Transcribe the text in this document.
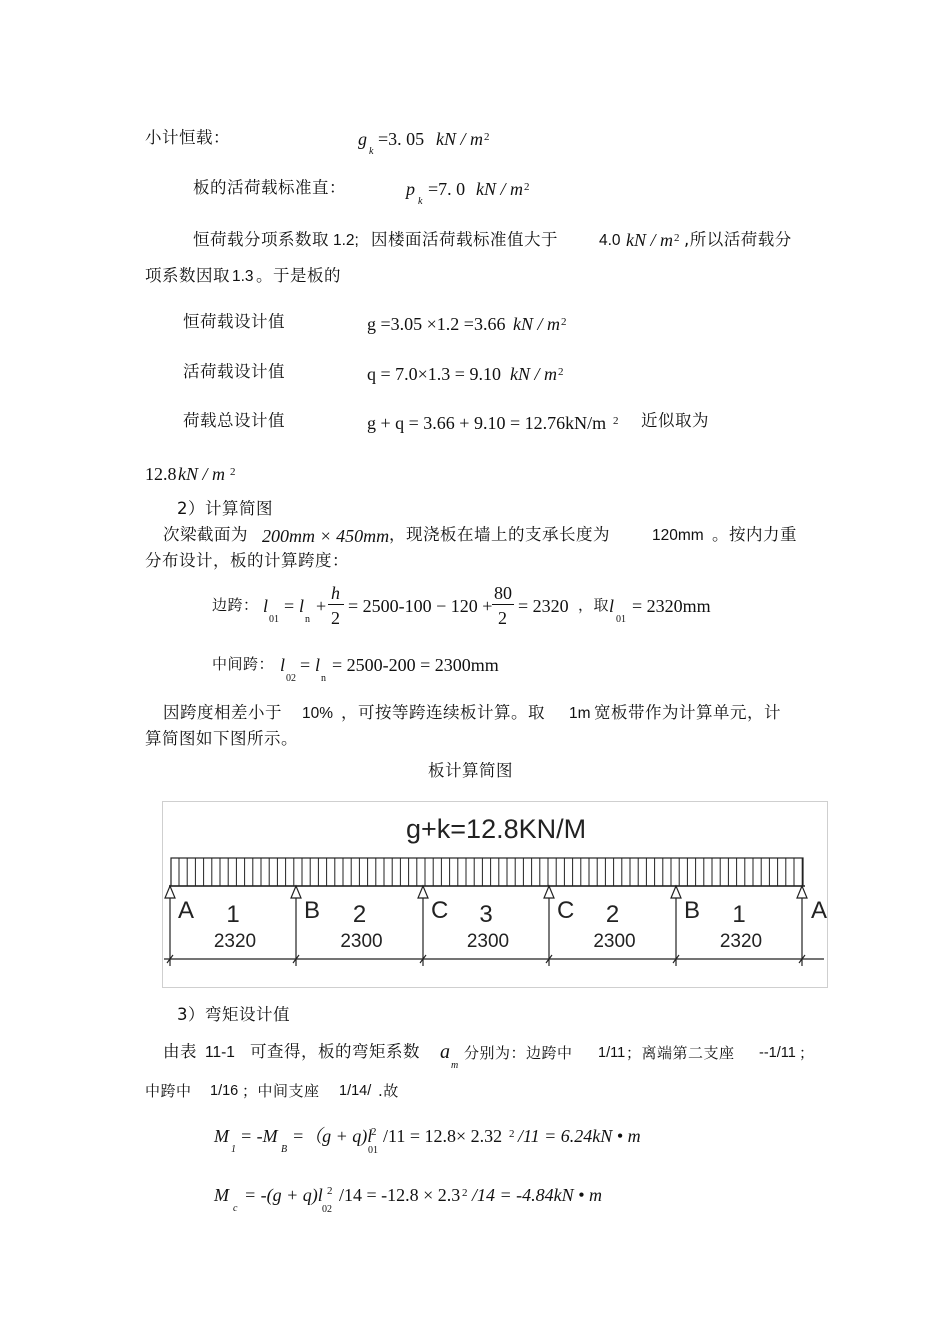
小计恒载：	g
k
=3. 05 kN / m 2
板的活荷载标准直：	p
k
=7. 0 kN / m 2
恒荷载分项系数取 1.2; 因楼面活荷载标准值大于	4.0 kN / m 2 ,所以活荷载分
项系数因取 1.3 。于是板的
恒荷载设计值	g =3.05 ×1.2 =3.66 kN / m 2
活荷载设计值	q = 7.0×1.3 = 9.10 kN / m 2
荷载总设计值	g + q = 3.66 + 9.10 = 12.76kN/m 2 近似取为
12.8 kN / m 2
2）计算简图
次梁截面为 200mm × 450mm ，现浇板在墙上的支承长度为	120mm 。按内力重
分布设计，板的计算跨度：
边跨： l
01
= l
n
+
h
2
= 2500-100 − 120 +
80
2
= 2320 ，取 l
01
= 2320mm
中间跨： l
02
= l
n
= 2500-200 = 2300mm
因跨度相差小于 10% ，可按等跨连续板计算。取 1m 宽板带作为计算单元，计
算简图如下图所示。
板计算简图
g+k=12.8KN/M
A	B	C	C	B	A
1
2320
2
2300
3
2300
2
2300
1
2320
3）弯矩设计值
由表 11-1 可查得，板的弯矩系数 a
m
分别为：边跨中 1/11 ；离端第二支座 --1/11 ；
中跨中 1/16 ；中间支座 1/14/ .故
M
1
= -M
B
=（g + q)l
2
01
/11 = 12.8× 2.32 2 /11 = 6.24kN • m
M
c
= -(g + q)l 2
02
/14 = -12.8 × 2.3 2 /14 = -4.84kN • m
